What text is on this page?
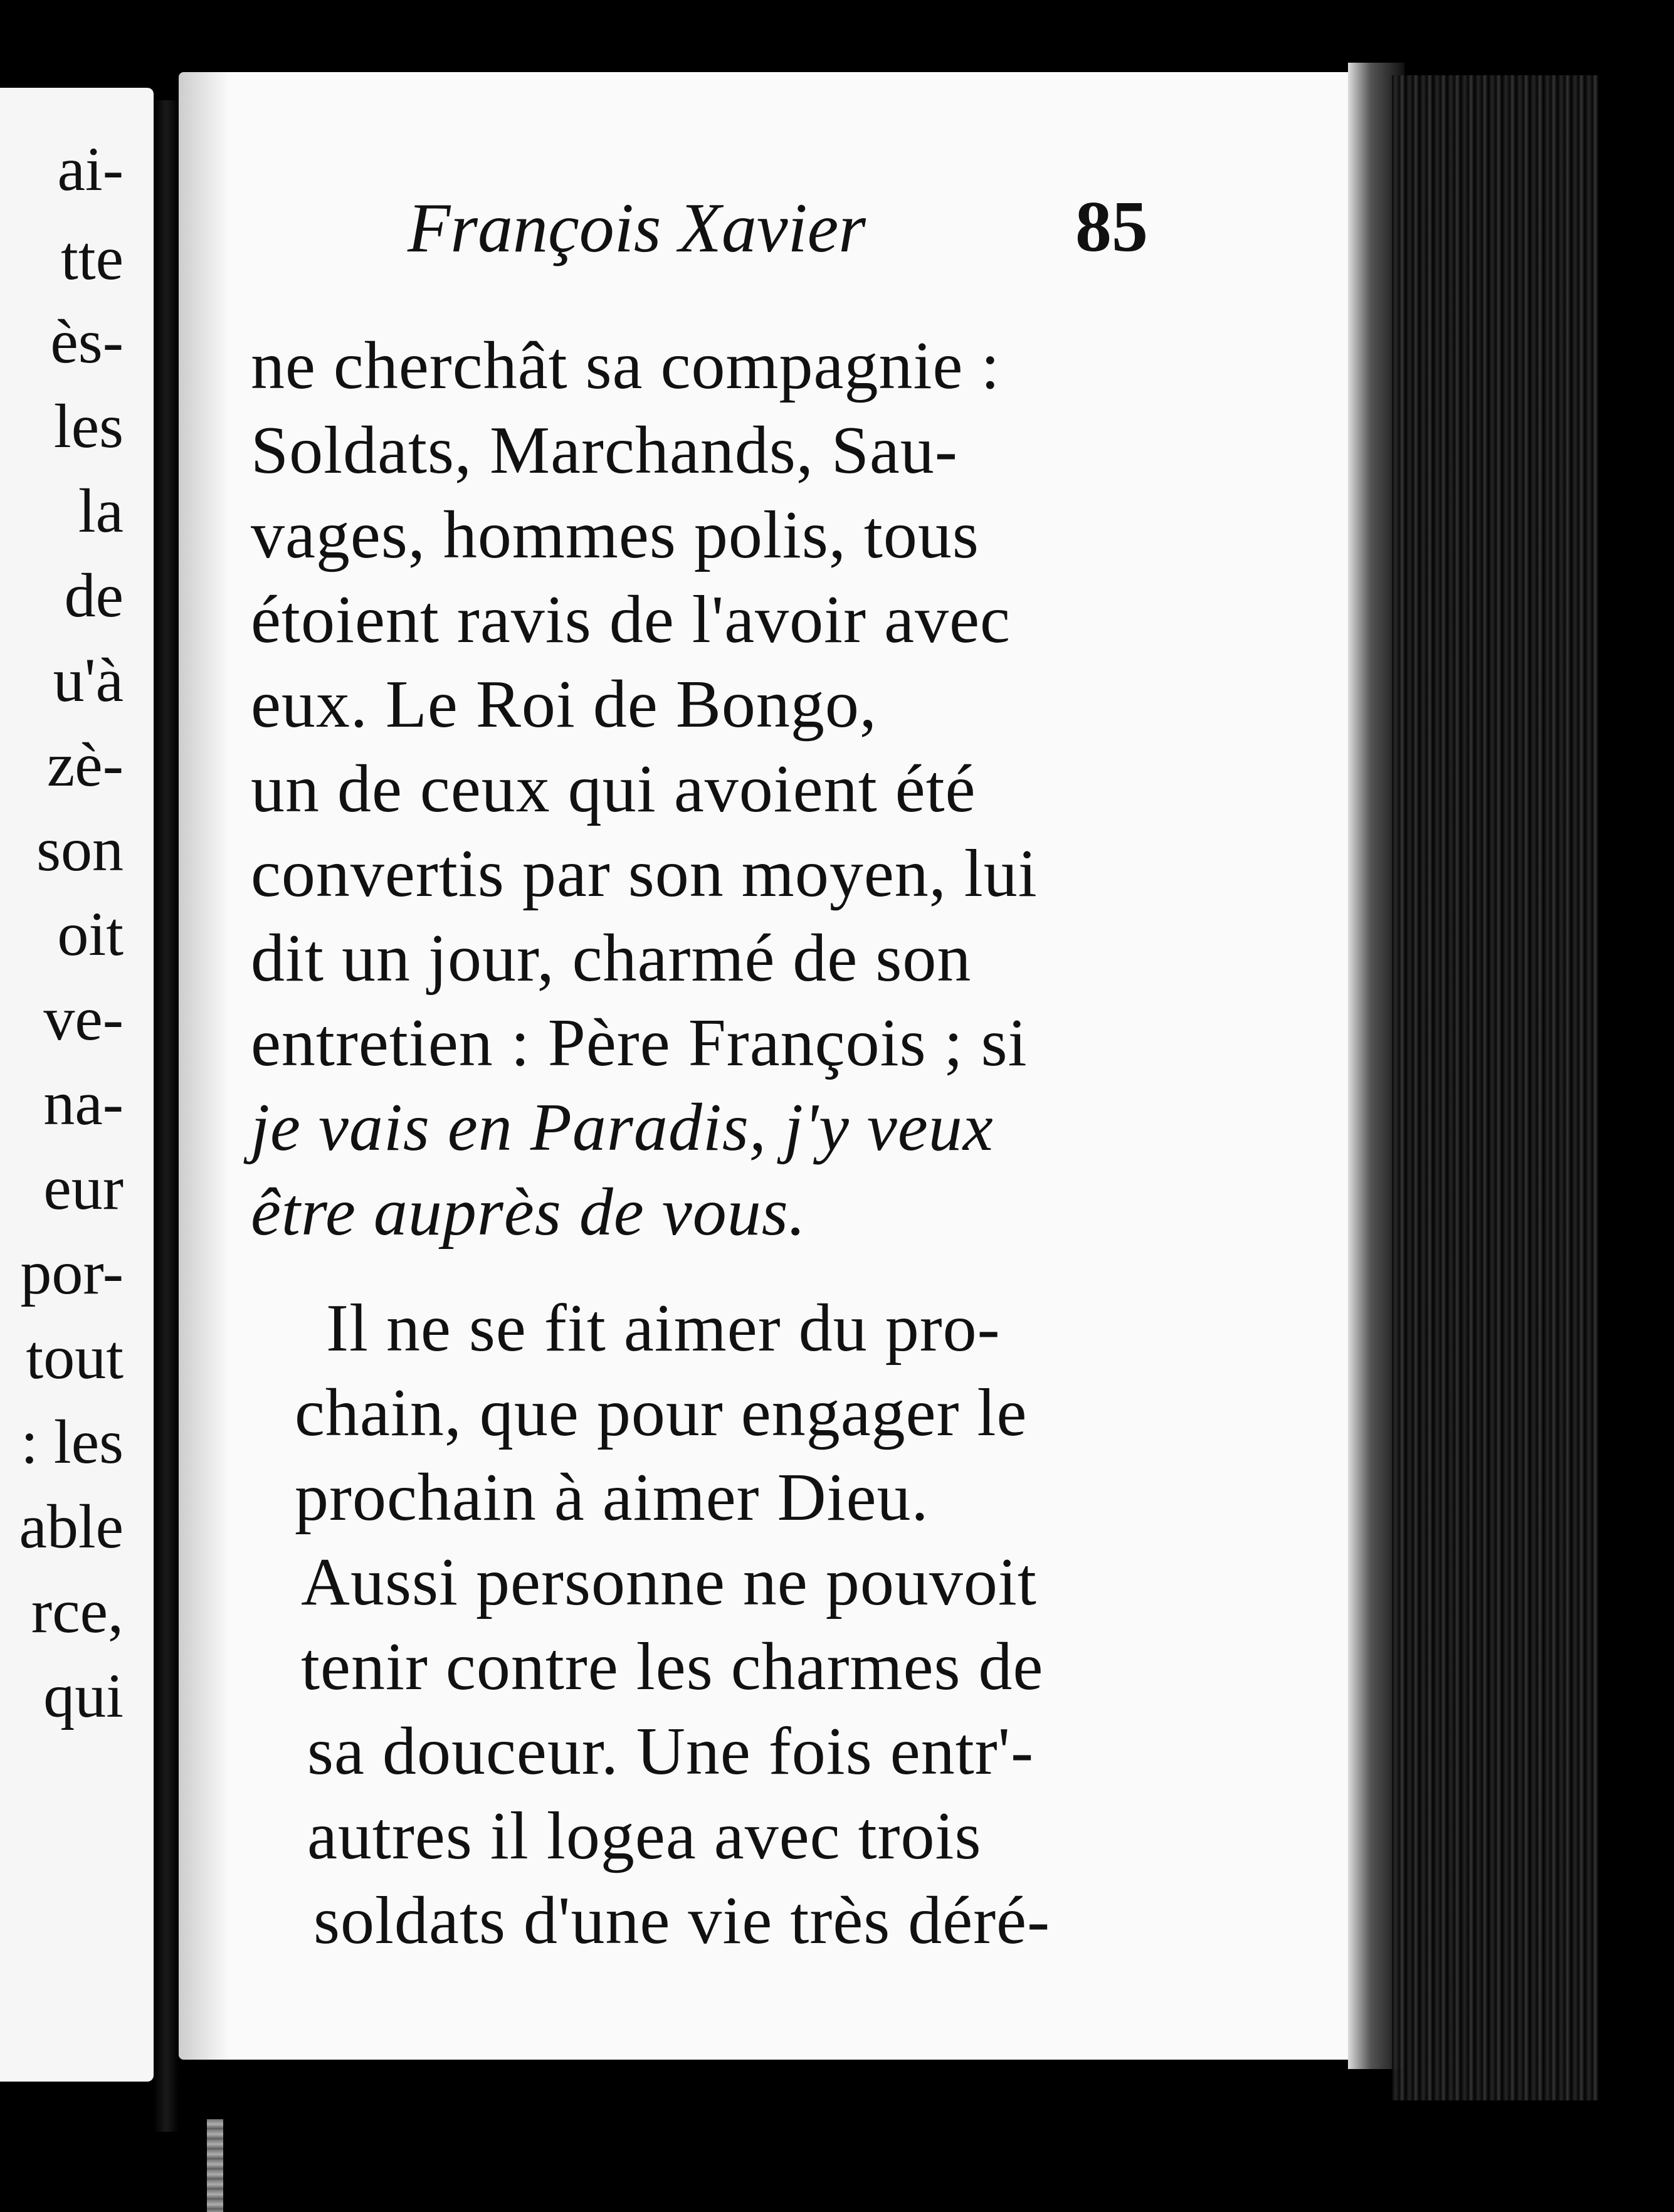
ai-
tte
ès-
les
la
de
u'à
zè-
son
oit
ve-
na-
eur
por-
tout
: les
able
rce,
qui
François Xavier	85
ne cherchât sa compagnie :
Soldats, Marchands, Sau-
vages, hommes polis, tous
étoient ravis de l'avoir avec
eux. Le Roi de Bongo,
un de ceux qui avoient été
convertis par son moyen, lui
dit un jour, charmé de son
entretien : Père François ; si
je vais en Paradis, j'y veux
être auprès de vous.
Il ne se fit aimer du pro-
chain, que pour engager le
prochain à aimer Dieu.
Aussi personne ne pouvoit
tenir contre les charmes de
sa douceur. Une fois entr'-
autres il logea avec trois
soldats d'une vie très déré-
